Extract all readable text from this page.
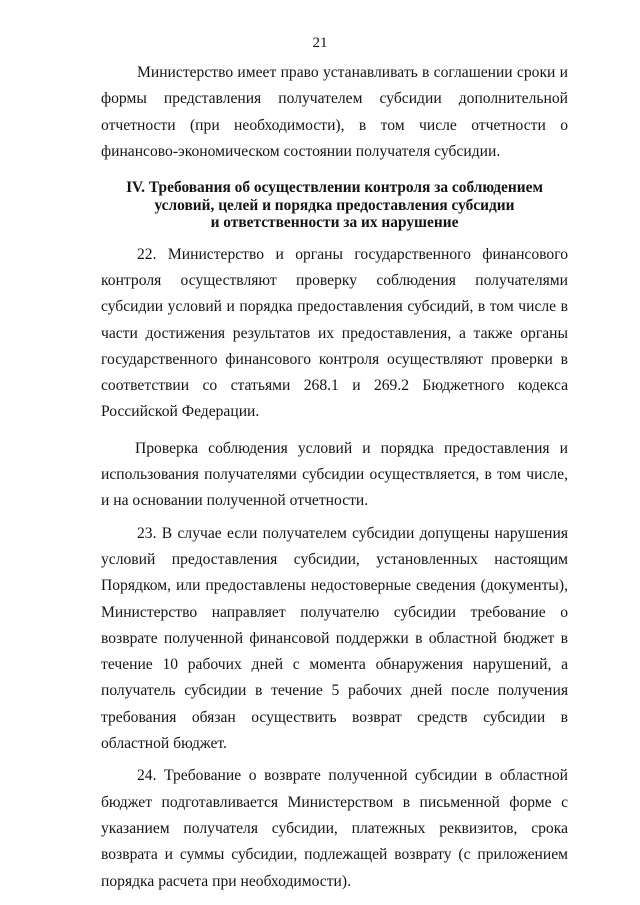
21

Министерство имеет право устанавливать в соглашении сроки и формы представления получателем субсидии дополнительной отчетности (при необходимости), в том числе отчетности о финансово-экономическом состоянии получателя субсидии.

IV. Требования об осуществлении контроля за соблюдением
условий, целей и порядка предоставления субсидии
и ответственности за их нарушение

22. Министерство и органы государственного финансового контроля осуществляют проверку соблюдения получателями субсидии условий и порядка предоставления субсидий, в том числе в части достижения результатов их предоставления, а также органы государственного финансового контроля осуществляют проверки в соответствии со статьями 268.1 и 269.2 Бюджетного кодекса Российской Федерации.

Проверка соблюдения условий и порядка предоставления и использования получателями субсидии осуществляется, в том числе, и на основании полученной отчетности.

23. В случае если получателем субсидии допущены нарушения условий предоставления субсидии, установленных настоящим Порядком, или предоставлены недостоверные сведения (документы), Министерство направляет получателю субсидии требование о возврате полученной финансовой поддержки в областной бюджет в течение 10 рабочих дней с момента обнаружения нарушений, а получатель субсидии в течение 5 рабочих дней после получения требования обязан осуществить возврат средств субсидии в областной бюджет.

24. Требование о возврате полученной субсидии в областной бюджет подготавливается Министерством в письменной форме с указанием получателя субсидии, платежных реквизитов, срока возврата и суммы субсидии, подлежащей возврату (с приложением порядка расчета при необходимости).
